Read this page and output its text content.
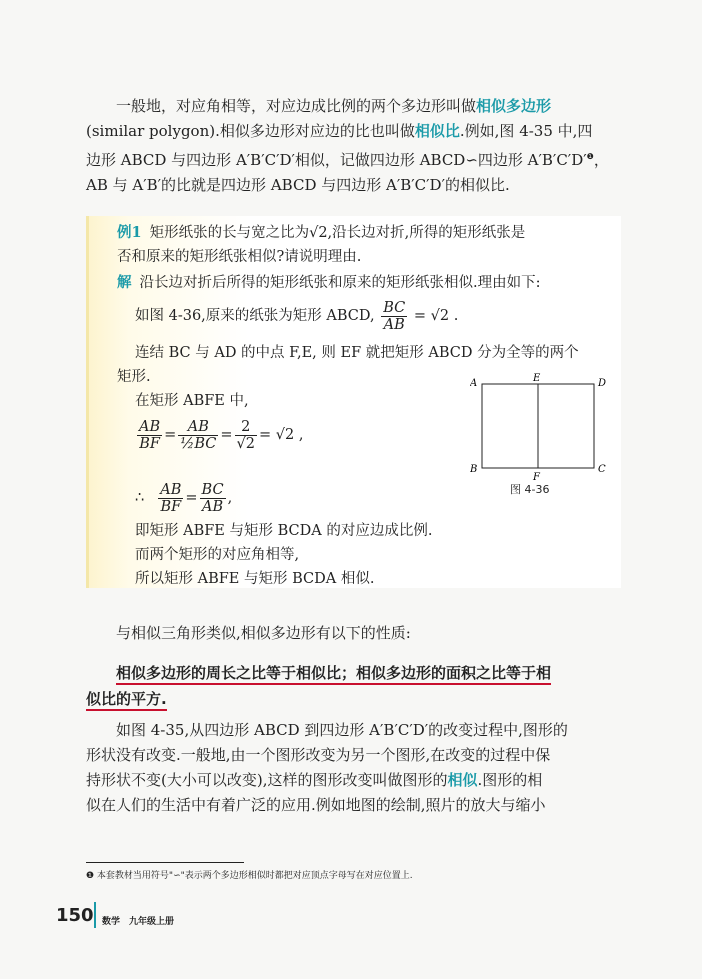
一般地，对应角相等，对应边成比例的两个多边形叫做相似多边形

(similar polygon).相似多边形对应边的比也叫做相似比.例如,图 4-35 中,四

边形 ABCD 与四边形 A′B′C′D′相似，记做四边形 ABCD∽四边形 A′B′C′D′$^❶$，

AB 与 A′B′的比就是四边形 ABCD 与四边形 A′B′C′D′的相似比.

例1 矩形纸张的长与宽之比为√2,沿长边对折,所得的矩形纸张是
否和原来的矩形纸张相似?请说明理由.
解 沿长边对折后所得的矩形纸张和原来的矩形纸张相似.理由如下:
如图 4-36,原来的纸张为矩形 ABCD, $\frac{BC}{AB} = √2$ .
连结 BC 与 AD 的中点 F,E, 则 EF 就把矩形 ABCD 分为全等的两个
矩形.
在矩形 ABFE 中,
$\frac{AB}{BF} = \frac{AB}{\text{½BC}} = \frac{2}{√2} = √2$ ,
∴ $\frac{AB}{BF} = \frac{BC}{AB}$ ,
即矩形 ABFE 与矩形 BCDA 的对应边成比例.
而两个矩形的对应角相等,
所以矩形 ABFE 与矩形 BCDA 相似.
A	E	D
B
F
C
图 4-36
与相似三角形类似,相似多边形有以下的性质:
相似多边形的周长之比等于相似比；相似多边形的面积之比等于相
似比的平方.

如图 4-35,从四边形 ABCD 到四边形 A′B′C′D′的改变过程中,图形的

形状没有改变.一般地,由一个图形改变为另一个图形,在改变的过程中保

持形状不变(大小可以改变),这样的图形改变叫做图形的相似.图形的相

似在人们的生活中有着广泛的应用.例如地图的绘制,照片的放大与缩小

❶ 本套教材当用符号"∽"表示两个多边形相似时都把对应顶点字母写在对应位置上.
150 数学　九年级上册
